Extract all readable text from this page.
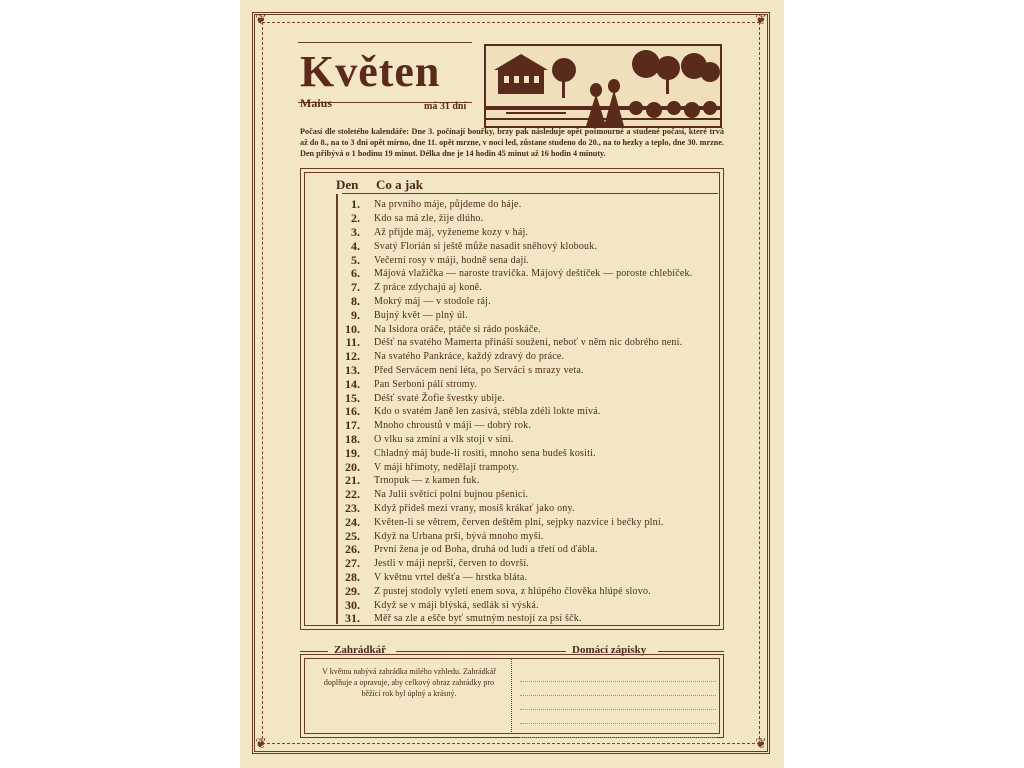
❦	❦
❦	❦
Květen
Maius	má 31 dní
Počasí dle stoletého kalendáře: Dne 3. počínají bouřky, brzy pak následuje opět pošmourné a studené počasí, které trvá až do 8., na to 3 dni opět mírno, dne 11. opět mrzne, v noci led, zůstane studeno do 20., na to hezky a teplo, dne 30. mrzne. Den přibývá o 1 hodinu 19 minut. Délka dne je 14 hodin 45 minut až 16 hodin 4 minuty.
Den Co a jak
1. Na prvního máje, půjdeme do háje.
2. Kdo sa má zle, žije dlúho.
3. Až přijde máj, vyženeme kozy v háj.
4. Svatý Florián si ještě může nasadit sněhový klobouk.
5. Večerní rosy v máji, hodně sena dají.
6. Májová vlažička — naroste travička. Májový deštíček — poroste chlebíček.
7. Z práce zdychajú aj koně.
8. Mokrý máj — v stodole ráj.
9. Bujný květ — plný úl.
10. Na Isidora oráče, ptáče si rádo poskáče.
11. Déšť na svatého Mamerta přináší soužení, neboť v něm nic dobrého není.
12. Na svatého Pankráce, každý zdravý do práce.
13. Před Servácem není léta, po Serváci s mrazy veta.
14. Pan Serboni pálí stromy.
15. Déšť svaté Žofie švestky ubije.
16. Kdo o svatém Janě len zasívá, stébla zdéli lokte mívá.
17. Mnoho chroustů v máji — dobrý rok.
18. O vlku sa zmíní a vlk stojí v síni.
19. Chladný máj bude-li rositi, mnoho sena budeš kositi.
20. V máji hřímoty, nedělají trampoty.
21. Trnopuk — z kamen fuk.
22. Na Julii světící polní bujnou pšenici.
23. Když přideš mezi vrany, mosíš krákať jako ony.
24. Květen-li se větrem, červen deštěm plní, sejpky nazvice i bečky plní.
25. Když na Urbana prší, bývá mnoho myší.
26. První žena je od Boha, druhá od ludí a třetí od ďábla.
27. Jestli v máji neprší, červen to dovrší.
28. V květnu vrtel dešťa — hrstka bláta.
29. Z pustej stodoly vyletí enem sova, z hlúpého člověka hlúpé slovo.
30. Když se v máji blýská, sedlák si výská.
31. Měř sa zle a ešče byť smutným nestojí za psí ščk.
Zahrádkář	Domácí zápisky
V květnu nabývá zahrádka milého vzhledu. Zahrádkář doplňuje a opravuje, aby celkový obraz zahrádky pro běžící rok byl úplný a krásný.
